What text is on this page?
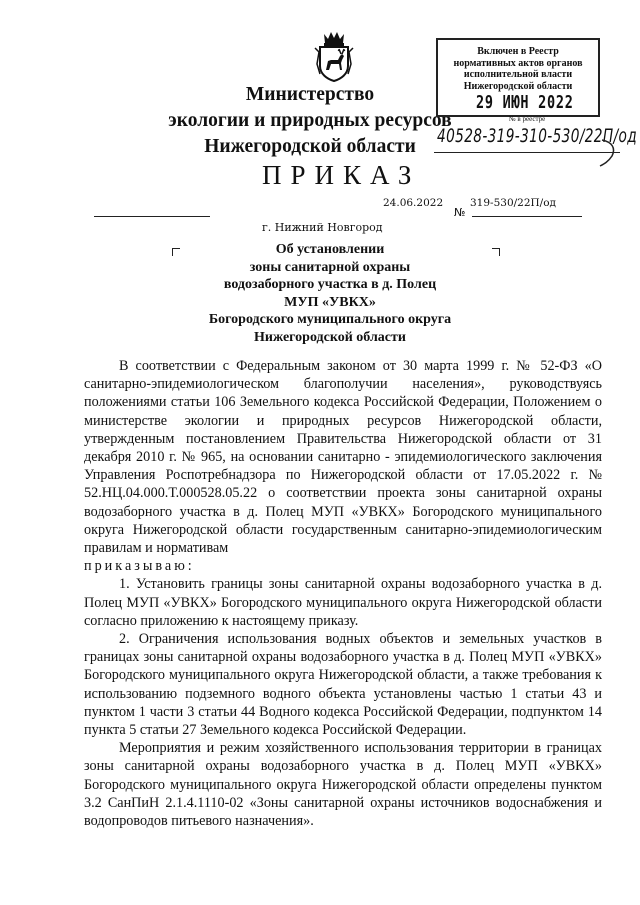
Министерство
экологии и природных ресурсов
Нижегородской области
Включен в Реестр
нормативных актов органов
исполнительной власти
Нижегородской области
29 ИЮН 2022
№ в реестре
40528-319-310-530/22П/од
ПРИКАЗ
24.06.2022	319-530/22П/од
№
г. Нижний Новгород
Об установлении
зоны санитарной охраны
водозаборного участка в д. Полец
МУП «УВКХ»
Богородского муниципального округа
Нижегородской области

В соответствии с Федеральным законом от 30 марта 1999 г. № 52-ФЗ «О санитарно-эпидемиологическом благополучии населения», руководствуясь положениями статьи 106 Земельного кодекса Российской Федерации, Положением о министерстве экологии и природных ресурсов Нижегородской области, утвержденным постановлением Правительства Нижегородской области от 31 декабря 2010 г. № 965, на основании санитарно - эпидемиологического заключения Управления Роспотребнадзора по Нижегородской области от 17.05.2022 г. № 52.НЦ.04.000.Т.000528.05.22 о соответствии проекта зоны санитарной охраны водозаборного участка в д. Полец МУП «УВКХ» Богородского муниципального округа Нижегородской области государственным санитарно-эпидемиологическим правилам и нормативам

приказываю:

1. Установить границы зоны санитарной охраны водозаборного участка в д. Полец МУП «УВКХ» Богородского муниципального округа Нижегородской области согласно приложению к настоящему приказу.

2. Ограничения использования водных объектов и земельных участков в границах зоны санитарной охраны водозаборного участка в д. Полец МУП «УВКХ» Богородского муниципального округа Нижегородской области, а также требования к использованию подземного водного объекта установлены частью 1 статьи 43 и пунктом 1 части 3 статьи 44 Водного кодекса Российской Федерации, подпунктом 14 пункта 5 статьи 27 Земельного кодекса Российской Федерации.

Мероприятия и режим хозяйственного использования территории в границах зоны санитарной охраны водозаборного участка в д. Полец МУП «УВКХ» Богородского муниципального округа Нижегородской области определены пунктом 3.2 СанПиН 2.1.4.1110-02 «Зоны санитарной охраны источников водоснабжения и водопроводов питьевого назначения».
